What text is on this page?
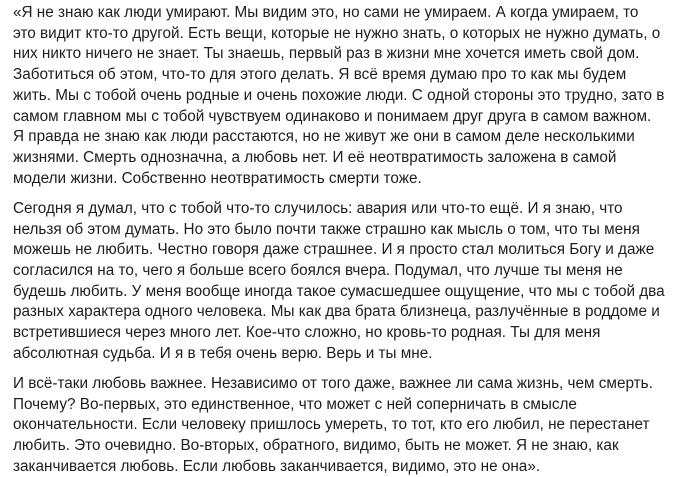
«Я не знаю как люди умирают. Мы видим это, но сами не умираем. А когда умираем, то это видит кто-то другой. Есть вещи, которые не нужно знать, о которых не нужно думать, о них никто ничего не знает. Ты знаешь, первый раз в жизни мне хочется иметь свой дом. Заботиться об этом, что-то для этого делать. Я всё время думаю про то как мы будем жить. Мы с тобой очень родные и очень похожие люди. С одной стороны это трудно, зато в самом главном мы с тобой чувствуем одинаково и понимаем друг друга в самом важном. Я правда не знаю как люди расстаются, но не живут же они в самом деле несколькими жизнями. Смерть однозначна, а любовь нет. И её неотвратимость заложена в самой модели жизни. Собственно неотвратимость смерти тоже.

Сегодня я думал, что с тобой что-то случилось: авария или что-то ещё. И я знаю, что нельзя об этом думать. Но это было почти также страшно как мысль о том, что ты меня можешь не любить. Честно говоря даже страшнее. И я просто стал молиться Богу и даже согласился на то, чего я больше всего боялся вчера. Подумал, что лучше ты меня не будешь любить. У меня вообще иногда такое сумасшедшее ощущение, что мы с тобой два разных характера одного человека. Мы как два брата близнеца, разлучённые в роддоме и встретившиеся через много лет. Кое-что сложно, но кровь-то родная. Ты для меня абсолютная судьба. И я в тебя очень верю. Верь и ты мне.

И всё-таки любовь важнее. Независимо от того даже, важнее ли сама жизнь, чем смерть. Почему? Во-первых, это единственное, что может с ней соперничать в смысле окончательности. Если человеку пришлось умереть, то тот, кто его любил, не перестанет любить. Это очевидно. Во-вторых, обратного, видимо, быть не может. Я не знаю, как заканчивается любовь. Если любовь заканчивается, видимо, это не она».
